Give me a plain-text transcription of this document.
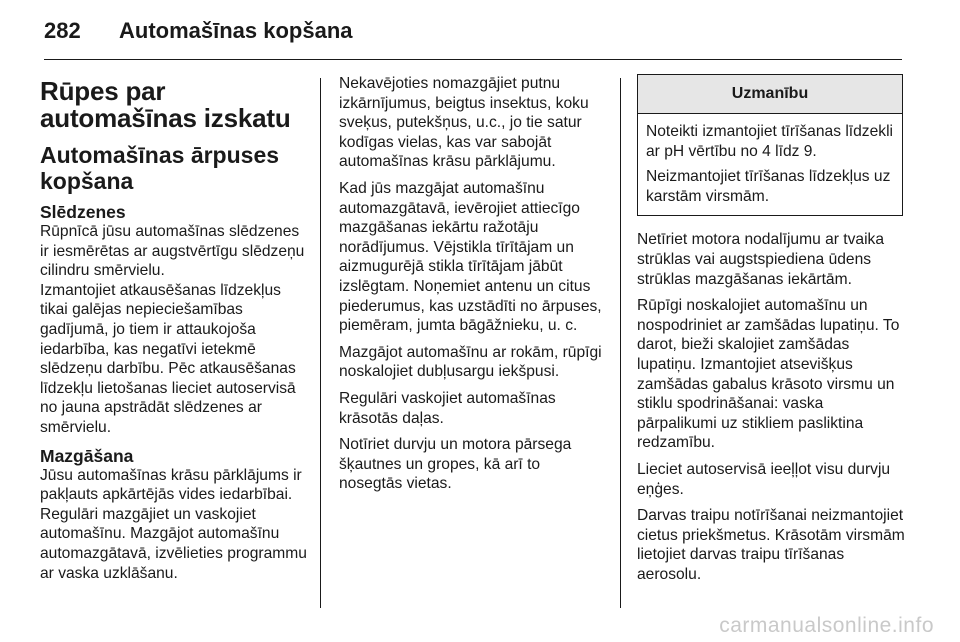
282 Automašīnas kopšana
Rūpes par automašīnas izskatu
Automašīnas ārpuses kopšana
Slēdzenes

Rūpnīcā jūsu automašīnas slēdzenes ir iesmērētas ar augstvērtīgu slēdzeņu cilindru smērvielu.

Izmantojiet atkausēšanas līdzekļus tikai galējas nepieciešamības gadījumā, jo tiem ir attaukojoša iedarbība, kas negatīvi ietekmē slēdzeņu darbību. Pēc atkausēšanas līdzekļu lietošanas lieciet autoservisā no jauna apstrādāt slēdzenes ar smērvielu.

Mazgāšana

Jūsu automašīnas krāsu pārklājums ir pakļauts apkārtējās vides iedarbībai. Regulāri mazgājiet un vaskojiet automašīnu. Mazgājot automašīnu automazgātavā, izvēlieties programmu ar vaska uzklāšanu.

Nekavējoties nomazgājiet putnu izkārnījumus, beigtus insektus, koku sveķus, putekšņus, u.c., jo tie satur kodīgas vielas, kas var sabojāt automašīnas krāsu pārklājumu.

Kad jūs mazgājat automašīnu automazgātavā, ievērojiet attiecīgo mazgāšanas iekārtu ražotāju norādījumus. Vējstikla tīrītājam un aizmugurējā stikla tīrītājam jābūt izslēgtam. Noņemiet antenu un citus piederumus, kas uzstādīti no ārpuses, piemēram, jumta bāgāžnieku, u. c.

Mazgājot automašīnu ar rokām, rūpīgi noskalojiet dubļusargu iekšpusi.

Regulāri vaskojiet automašīnas krāsotās daļas.

Notīriet durvju un motora pārsega šķautnes un gropes, kā arī to nosegtās vietas.

Uzmanību

Noteikti izmantojiet tīrīšanas līdzekli ar pH vērtību no 4 līdz 9.

Neizmantojiet tīrīšanas līdzekļus uz karstām virsmām.

Netīriet motora nodalījumu ar tvaika strūklas vai augstspiediena ūdens strūklas mazgāšanas iekārtām.

Rūpīgi noskalojiet automašīnu un nospodriniet ar zamšādas lupatiņu. To darot, bieži skalojiet zamšādas lupatiņu. Izmantojiet atsevišķus zamšādas gabalus krāsoto virsmu un stiklu spodrināšanai: vaska pārpalikumi uz stikliem pasliktina redzamību.

Lieciet autoservisā ieeļļot visu durvju eņģes.

Darvas traipu notīrīšanai neizmantojiet cietus priekšmetus. Krāsotām virsmām lietojiet darvas traipu tīrīšanas aerosolu.

carmanualsonline.info
